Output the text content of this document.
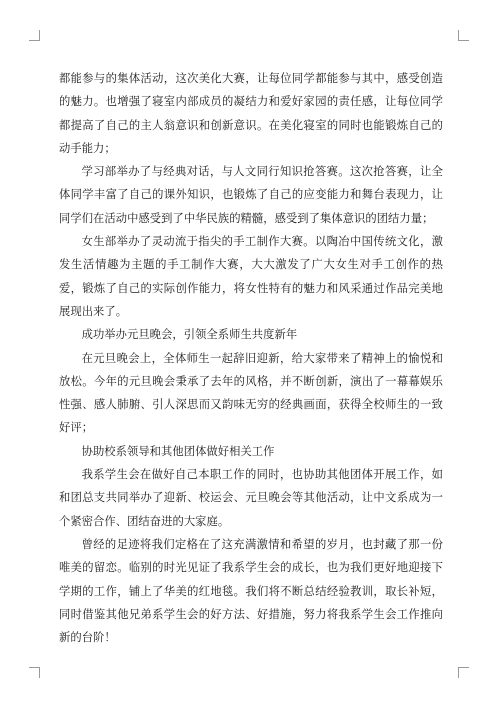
都能参与的集体活动，这次美化大赛，让每位同学都能参与其中，感受创造的魅力。也增强了寝室内部成员的凝结力和爱好家园的责任感，让每位同学都提高了自己的主人翁意识和创新意识。在美化寝室的同时也能锻炼自己的动手能力；

学习部举办了与经典对话，与人文同行知识抢答赛。这次抢答赛，让全体同学丰富了自己的课外知识，也锻炼了自己的应变能力和舞台表现力，让同学们在活动中感受到了中华民族的精髓，感受到了集体意识的团结力量；

女生部举办了灵动流于指尖的手工制作大赛。以陶冶中国传统文化，激发生活情趣为主题的手工制作大赛，大大激发了广大女生对手工创作的热爱，锻炼了自己的实际创作能力，将女性特有的魅力和风采通过作品完美地展现出来了。

成功举办元旦晚会，引领全系师生共度新年

在元旦晚会上，全体师生一起辞旧迎新，给大家带来了精神上的愉悦和放松。今年的元旦晚会秉承了去年的风格，并不断创新，演出了一幕幕娱乐性强、感人肺腑、引人深思而又韵味无穷的经典画面，获得全校师生的一致好评；

协助校系领导和其他团体做好相关工作

我系学生会在做好自己本职工作的同时，也协助其他团体开展工作，如和团总支共同举办了迎新、校运会、元旦晚会等其他活动，让中文系成为一个紧密合作、团结奋进的大家庭。

曾经的足迹将我们定格在了这充满激情和希望的岁月，也封藏了那一份唯美的留恋。临别的时光见证了我系学生会的成长，也为我们更好地迎接下学期的工作，铺上了华美的红地毯。我们将不断总结经验教训，取长补短，同时借鉴其他兄弟系学生会的好方法、好措施，努力将我系学生会工作推向新的台阶！
